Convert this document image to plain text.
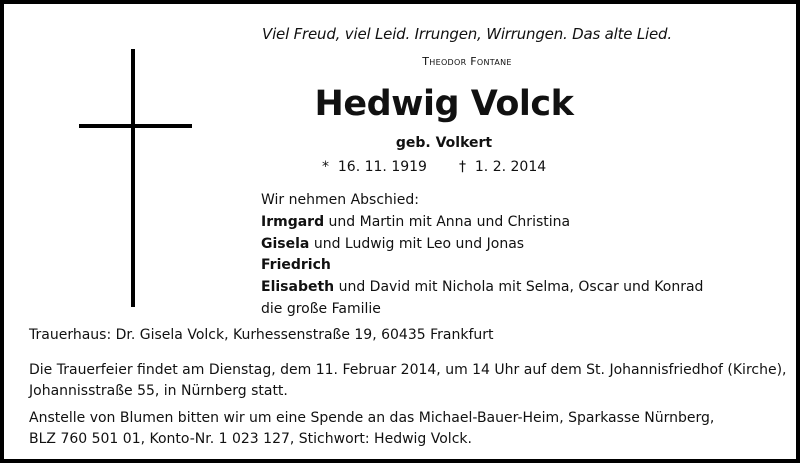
Viel Freud, viel Leid. Irrungen, Wirrungen. Das alte Lied.
Theodor Fontane
Hedwig Volck
geb. Volkert
*  16. 11. 1919 †  1. 2. 2014
Wir nehmen Abschied:
Irmgard und Martin mit Anna und Christina
Gisela und Ludwig mit Leo und Jonas
Friedrich
Elisabeth und David mit Nichola mit Selma, Oscar und Konrad
die große Familie
Trauerhaus: Dr. Gisela Volck, Kurhessenstraße 19, 60435 Frankfurt
Die Trauerfeier findet am Dienstag, dem 11. Februar 2014, um 14 Uhr auf dem St. Johannisfriedhof (Kirche),
Johannisstraße 55, in Nürnberg statt.
Anstelle von Blumen bitten wir um eine Spende an das Michael-Bauer-Heim, Sparkasse Nürnberg,
BLZ 760 501 01, Konto-Nr. 1 023 127, Stichwort: Hedwig Volck.
